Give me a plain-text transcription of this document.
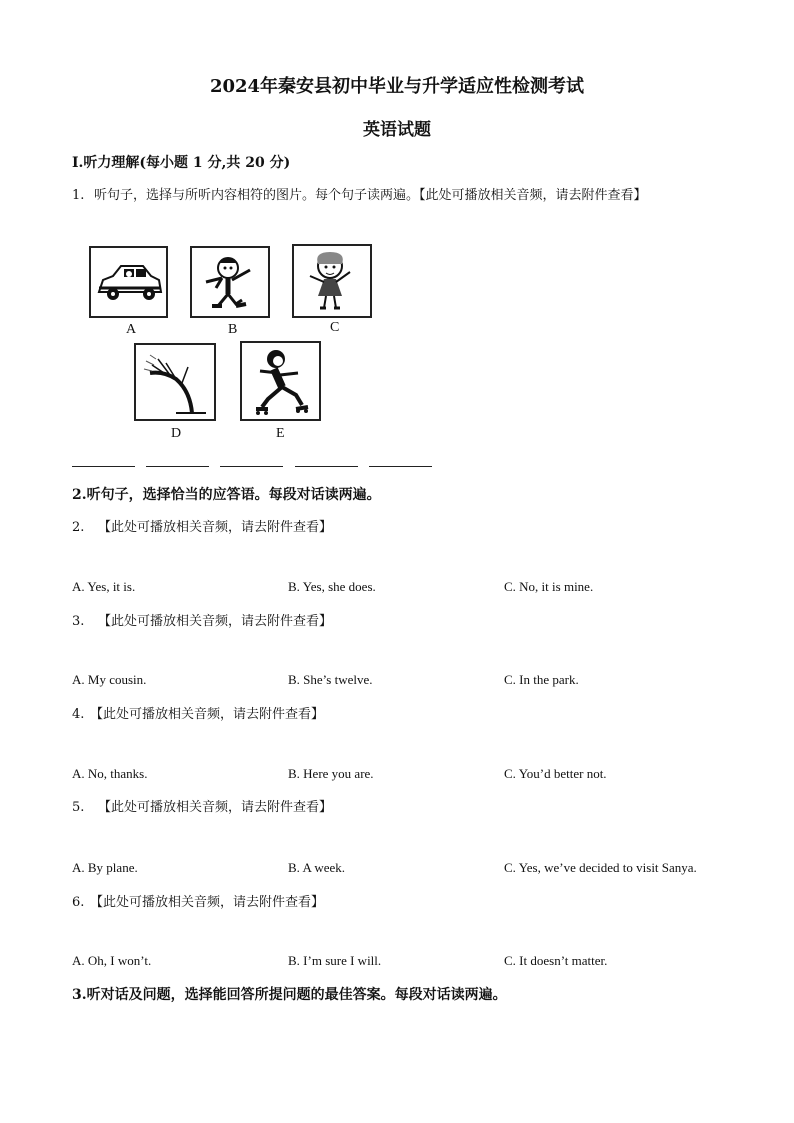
2024年秦安县初中毕业与升学适应性检测考试
英语试题
Ⅰ.听力理解(每小题 1 分,共 20 分)
1. 听句子，选择与所听内容相符的图片。每个句子读两遍。【此处可播放相关音频，请去附件查看】
A	B	C
D	E
2.听句子，选择恰当的应答语。每段对话读两遍。
2. 【此处可播放相关音频，请去附件查看】
A. Yes, it is.	B. Yes, she does.	C. No, it is mine.
3. 【此处可播放相关音频，请去附件查看】
A. My cousin.	B. She’s twelve.	C. In the park.
4. 【此处可播放相关音频，请去附件查看】
A. No, thanks.	B. Here you are.	C. You’d better not.
5. 【此处可播放相关音频，请去附件查看】
A. By plane.	B. A week.	C. Yes, we’ve decided to visit Sanya.
6. 【此处可播放相关音频，请去附件查看】
A. Oh, I won’t.	B. I’m sure I will.	C. It doesn’t matter.
3.听对话及问题，选择能回答所提问题的最佳答案。每段对话读两遍。
